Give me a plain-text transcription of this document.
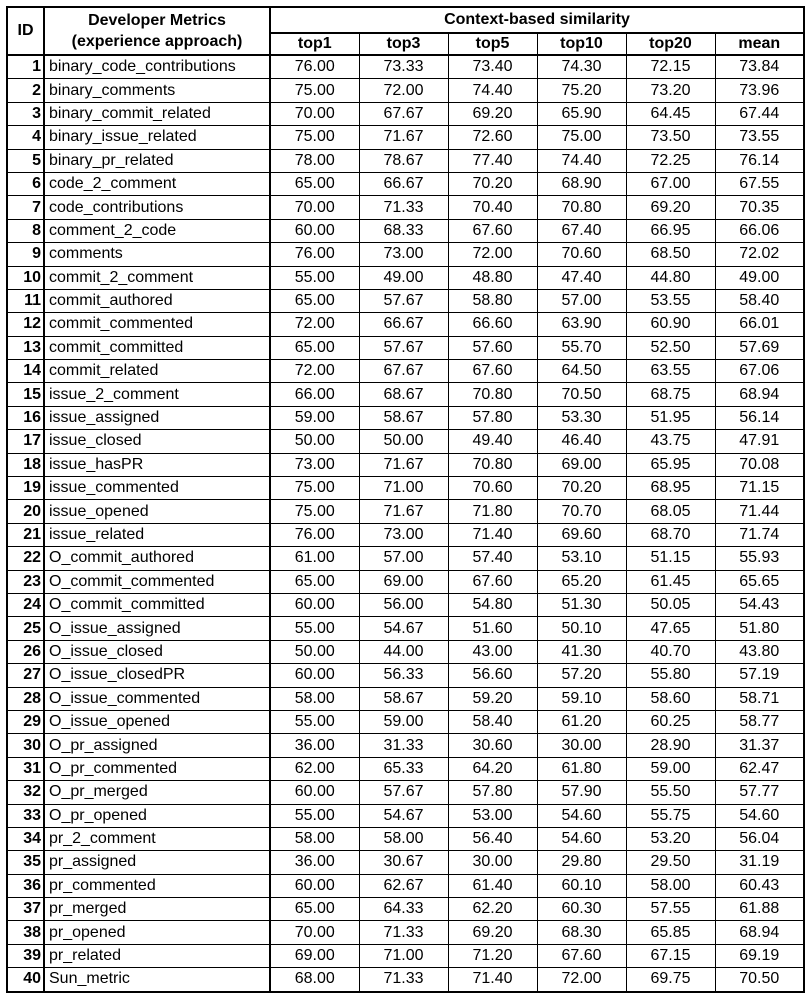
ID	Developer Metrics
(experience approach)	Context-based similarity					
		top1	top3	top5	top10	top20	mean
1	binary_code_contributions	76.00	73.33	73.40	74.30	72.15	73.84
2	binary_comments	75.00	72.00	74.40	75.20	73.20	73.96
3	binary_commit_related	70.00	67.67	69.20	65.90	64.45	67.44
4	binary_issue_related	75.00	71.67	72.60	75.00	73.50	73.55
5	binary_pr_related	78.00	78.67	77.40	74.40	72.25	76.14
6	code_2_comment	65.00	66.67	70.20	68.90	67.00	67.55
7	code_contributions	70.00	71.33	70.40	70.80	69.20	70.35
8	comment_2_code	60.00	68.33	67.60	67.40	66.95	66.06
9	comments	76.00	73.00	72.00	70.60	68.50	72.02
10	commit_2_comment	55.00	49.00	48.80	47.40	44.80	49.00
11	commit_authored	65.00	57.67	58.80	57.00	53.55	58.40
12	commit_commented	72.00	66.67	66.60	63.90	60.90	66.01
13	commit_committed	65.00	57.67	57.60	55.70	52.50	57.69
14	commit_related	72.00	67.67	67.60	64.50	63.55	67.06
15	issue_2_comment	66.00	68.67	70.80	70.50	68.75	68.94
16	issue_assigned	59.00	58.67	57.80	53.30	51.95	56.14
17	issue_closed	50.00	50.00	49.40	46.40	43.75	47.91
18	issue_hasPR	73.00	71.67	70.80	69.00	65.95	70.08
19	issue_commented	75.00	71.00	70.60	70.20	68.95	71.15
20	issue_opened	75.00	71.67	71.80	70.70	68.05	71.44
21	issue_related	76.00	73.00	71.40	69.60	68.70	71.74
22	O_commit_authored	61.00	57.00	57.40	53.10	51.15	55.93
23	O_commit_commented	65.00	69.00	67.60	65.20	61.45	65.65
24	O_commit_committed	60.00	56.00	54.80	51.30	50.05	54.43
25	O_issue_assigned	55.00	54.67	51.60	50.10	47.65	51.80
26	O_issue_closed	50.00	44.00	43.00	41.30	40.70	43.80
27	O_issue_closedPR	60.00	56.33	56.60	57.20	55.80	57.19
28	O_issue_commented	58.00	58.67	59.20	59.10	58.60	58.71
29	O_issue_opened	55.00	59.00	58.40	61.20	60.25	58.77
30	O_pr_assigned	36.00	31.33	30.60	30.00	28.90	31.37
31	O_pr_commented	62.00	65.33	64.20	61.80	59.00	62.47
32	O_pr_merged	60.00	57.67	57.80	57.90	55.50	57.77
33	O_pr_opened	55.00	54.67	53.00	54.60	55.75	54.60
34	pr_2_comment	58.00	58.00	56.40	54.60	53.20	56.04
35	pr_assigned	36.00	30.67	30.00	29.80	29.50	31.19
36	pr_commented	60.00	62.67	61.40	60.10	58.00	60.43
37	pr_merged	65.00	64.33	62.20	60.30	57.55	61.88
38	pr_opened	70.00	71.33	69.20	68.30	65.85	68.94
39	pr_related	69.00	71.00	71.20	67.60	67.15	69.19
40	Sun_metric	68.00	71.33	71.40	72.00	69.75	70.50
